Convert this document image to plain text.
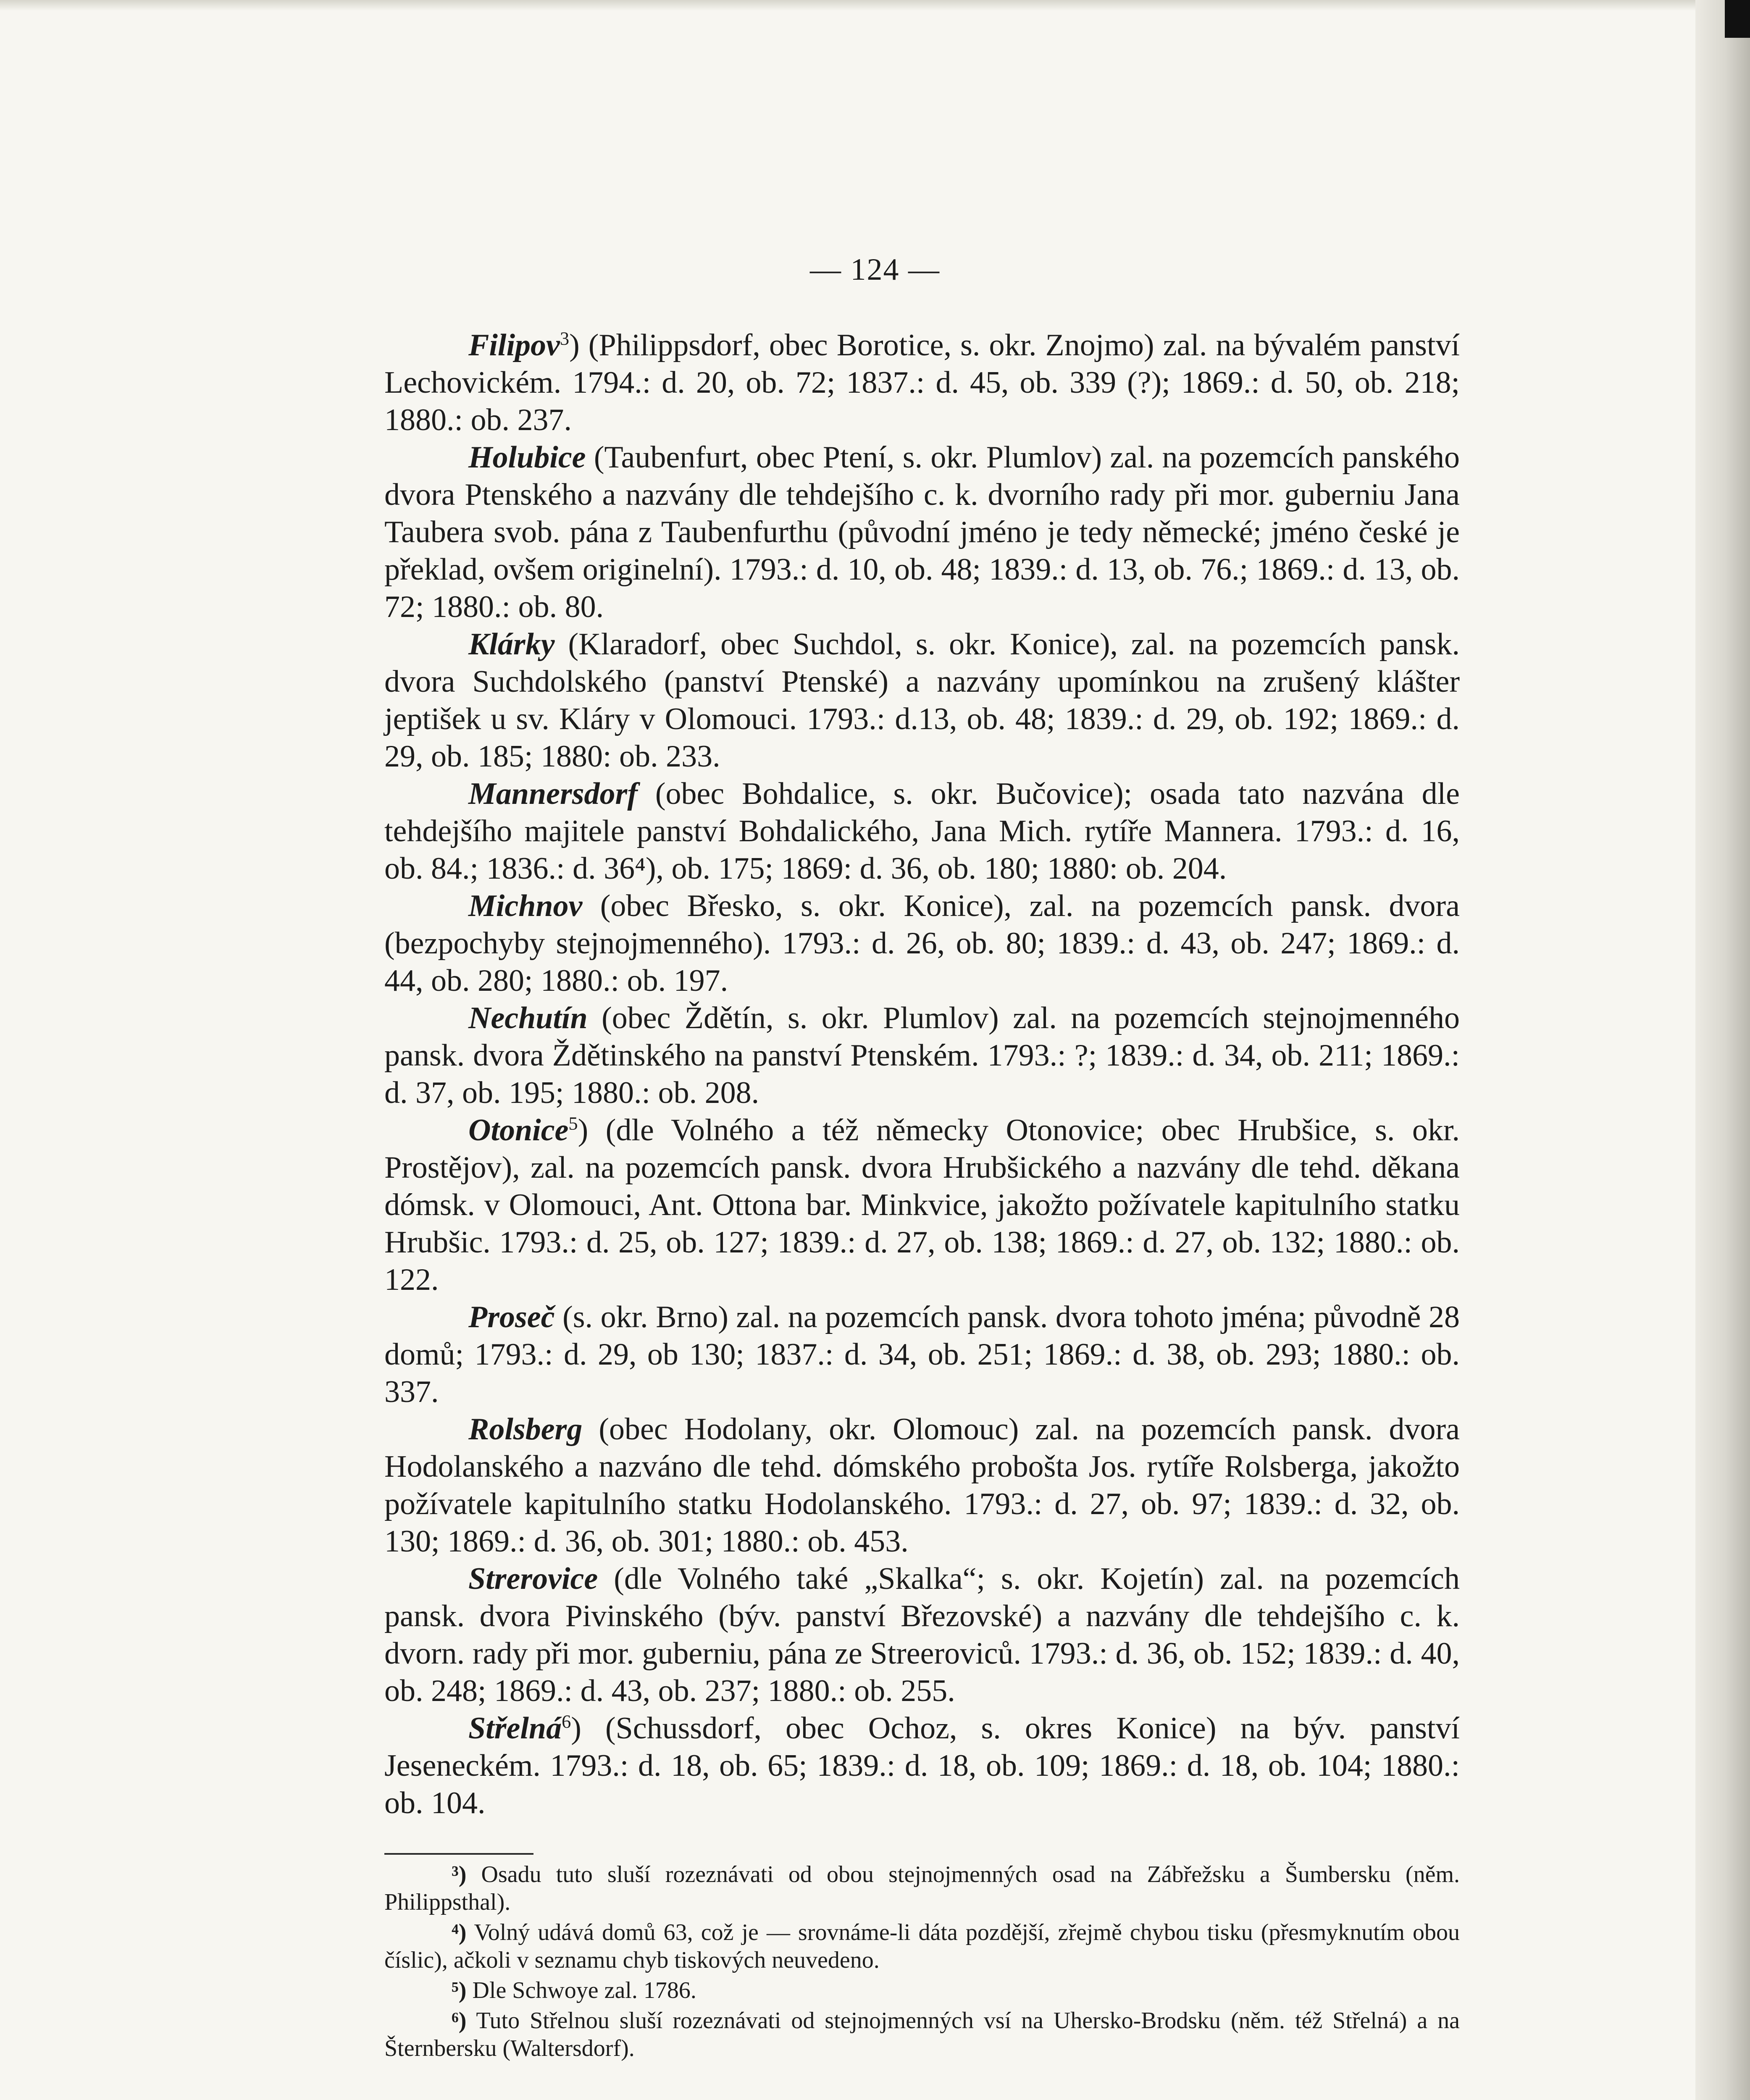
— 124 —

Filipov$^3$) (Philippsdorf, obec Borotice, s. okr. Znojmo) zal. na bývalém panství Lechovickém. 1794.: d. 20, ob. 72; 1837.: d. 45, ob. 339 (?); 1869.: d. 50, ob. 218; 1880.: ob. 237.

Holubice (Taubenfurt, obec Ptení, s. okr. Plumlov) zal. na pozemcích panského dvora Ptenského a nazvány dle tehdejšího c. k. dvorního rady při mor. guberniu Jana Taubera svob. pána z Taubenfurthu (původní jméno je tedy německé; jméno české je překlad, ovšem originelní). 1793.: d. 10, ob. 48; 1839.: d. 13, ob. 76.; 1869.: d. 13, ob. 72; 1880.: ob. 80.

Klárky (Klaradorf, obec Suchdol, s. okr. Konice), zal. na pozemcích pansk. dvora Suchdolského (panství Ptenské) a nazvány upomínkou na zrušený klášter jeptišek u sv. Kláry v Olomouci. 1793.: d.13, ob. 48; 1839.: d. 29, ob. 192; 1869.: d. 29, ob. 185; 1880: ob. 233.

Mannersdorf (obec Bohdalice, s. okr. Bučovice); osada tato nazvána dle tehdejšího majitele panství Bohdalického, Jana Mich. rytíře Mannera. 1793.: d. 16, ob. 84.; 1836.: d. 36⁴), ob. 175; 1869: d. 36, ob. 180; 1880: ob. 204.

Michnov (obec Břesko, s. okr. Konice), zal. na pozemcích pansk. dvora (bezpochyby stejnojmenného). 1793.: d. 26, ob. 80; 1839.: d. 43, ob. 247; 1869.: d. 44, ob. 280; 1880.: ob. 197.

Nechutín (obec Ždětín, s. okr. Plumlov) zal. na pozemcích stejnojmenného pansk. dvora Ždětinského na panství Ptenském. 1793.: ?; 1839.: d. 34, ob. 211; 1869.: d. 37, ob. 195; 1880.: ob. 208.

Otonice$^5$) (dle Volného a též německy Otonovice; obec Hrubšice, s. okr. Prostějov), zal. na pozemcích pansk. dvora Hrubšického a nazvány dle tehd. děkana dómsk. v Olomouci, Ant. Ottona bar. Minkvice, jakožto požívatele kapitulního statku Hrubšic. 1793.: d. 25, ob. 127; 1839.: d. 27, ob. 138; 1869.: d. 27, ob. 132; 1880.: ob. 122.

Proseč (s. okr. Brno) zal. na pozemcích pansk. dvora tohoto jména; původně 28 domů; 1793.: d. 29, ob 130; 1837.: d. 34, ob. 251; 1869.: d. 38, ob. 293; 1880.: ob. 337.

Rolsberg (obec Hodolany, okr. Olomouc) zal. na pozemcích pansk. dvora Hodolanského a nazváno dle tehd. dómského probošta Jos. rytíře Rolsberga, jakožto požívatele kapitulního statku Hodolanského. 1793.: d. 27, ob. 97; 1839.: d. 32, ob. 130; 1869.: d. 36, ob. 301; 1880.: ob. 453.

Strerovice (dle Volného také „Skalka“; s. okr. Kojetín) zal. na pozemcích pansk. dvora Pivinského (býv. panství Březovské) a nazvány dle tehdejšího c. k. dvorn. rady při mor. guberniu, pána ze Streeroviců. 1793.: d. 36, ob. 152; 1839.: d. 40, ob. 248; 1869.: d. 43, ob. 237; 1880.: ob. 255.

Střelná$^6$) (Schussdorf, obec Ochoz, s. okres Konice) na býv. panství Jeseneckém. 1793.: d. 18, ob. 65; 1839.: d. 18, ob. 109; 1869.: d. 18, ob. 104; 1880.: ob. 104.

³) Osadu tuto sluší rozeznávati od obou stejnojmenných osad na Zábřežsku a Šumbersku (něm. Philippsthal).

⁴) Volný udává domů 63, což je — srovnáme-li dáta pozdější, zřejmě chybou tisku (přesmyknutím obou číslic), ačkoli v seznamu chyb tiskových neuvedeno.

⁵) Dle Schwoye zal. 1786.

⁶) Tuto Střelnou sluší rozeznávati od stejnojmenných vsí na Uhersko-Brodsku (něm. též Střelná) a na Šternbersku (Waltersdorf).
